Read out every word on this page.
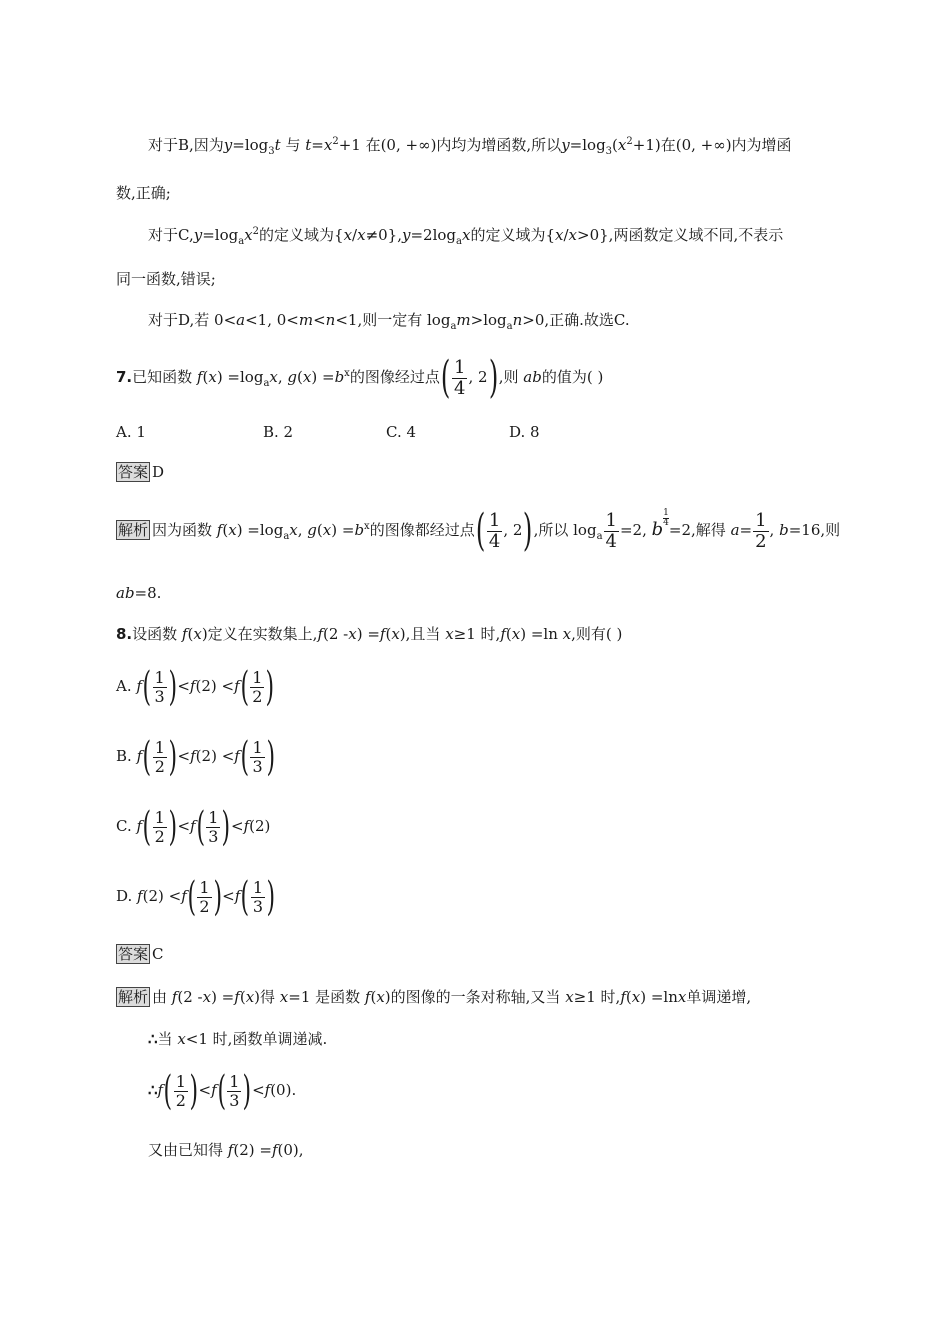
对于B,因为$y=\log_3t$ 与 $t=x^2+1$ 在(0, +∞)内均为增函数,所以$y=\log_3(x^2+1)$在(0, +∞)内为增函
数,正确;
对于$C,y=\log_ax^2$的定义域为$\{x/x\ne 0\},y=2\log_ax$的定义域为{x/x>0},两函数定义域不同,不表示
同一函数,错误;
对于D,若 0<a<1, 0<m<n<1,则一定有 $\log_am>\log_an>0$,正确.故选C.
7.已知函数 $f(x) =\log_ax$, $g(x) =b^x$的图像经过点( $\frac{1}{4}$ , 2),则 ab的值为( )
A. 1	B. 2	C. 4	D. 8
答案 D
解析 因为函数 $f(x) =\log_ax$, $g(x) =b^x$的图像都经过点( $\frac{1}{4}$ , 2),所以 $\log_a \frac{1}{4} =2$, b
$^{\frac{1}{4}}$
=2,解得 $a= \frac{1}{2}$ , b=16,则
ab=8.
8.设函数 f(x)定义在实数集上,f(2 -x) =f(x),且当 x≥1 时,f(x) =ln x,则有( )
A. $f( \frac{1}{3} )<f(2) <f( \frac{1}{2}$ )
B. $f( \frac{1}{2} )<f(2) <f( \frac{1}{3}$ )
C. $f( \frac{1}{2} )<f( \frac{1}{3} )<f(2)$
D. $f(2) <f( \frac{1}{2} )<f( \frac{1}{3}$ )
答案 C
解析 由 f(2 -x) =f(x)得 x=1 是函数 f(x)的图像的一条对称轴,又当 x≥1 时,f(x) =lnx单调递增,
∴当 x<1 时,函数单调递减.
∴f( $\frac{1}{2} )<f( \frac{1}{3} )<f(0)$.
又由已知得 f(2) =f(0),
